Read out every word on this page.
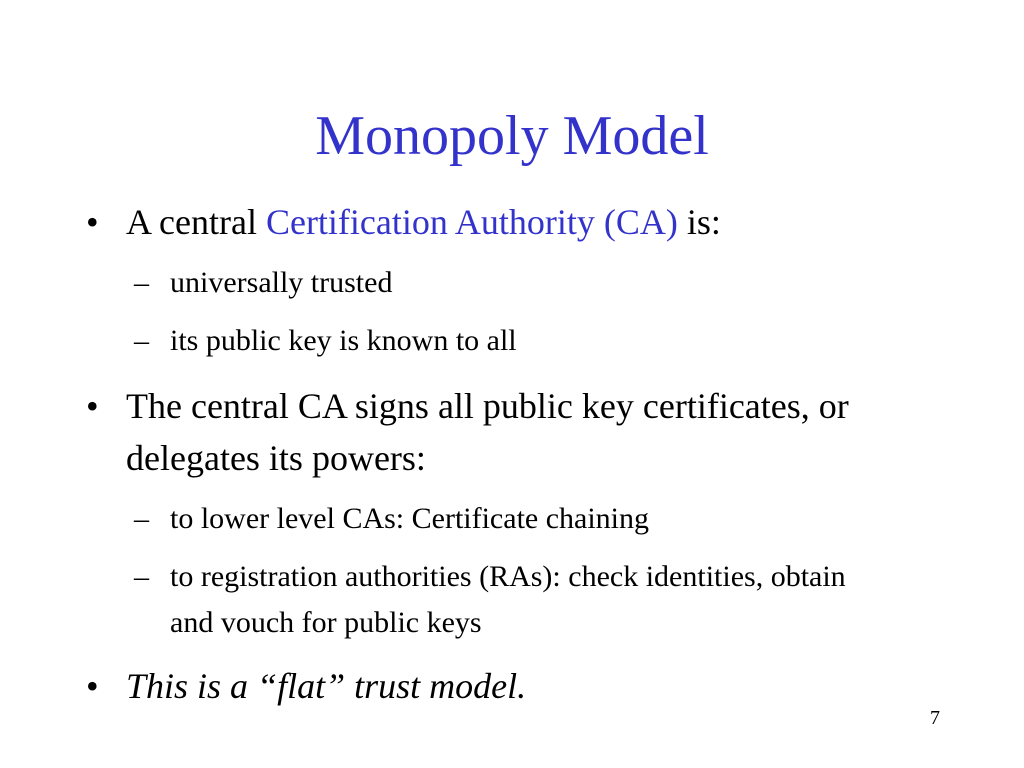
Monopoly Model
• A central Certification Authority (CA) is:
– universally trusted
– its public key is known to all
• The central CA signs all public key certificates, or delegates its powers:
– to lower level CAs: Certificate chaining
– to registration authorities (RAs): check identities, obtain and vouch for public keys
• This is a “flat” trust model.
7
